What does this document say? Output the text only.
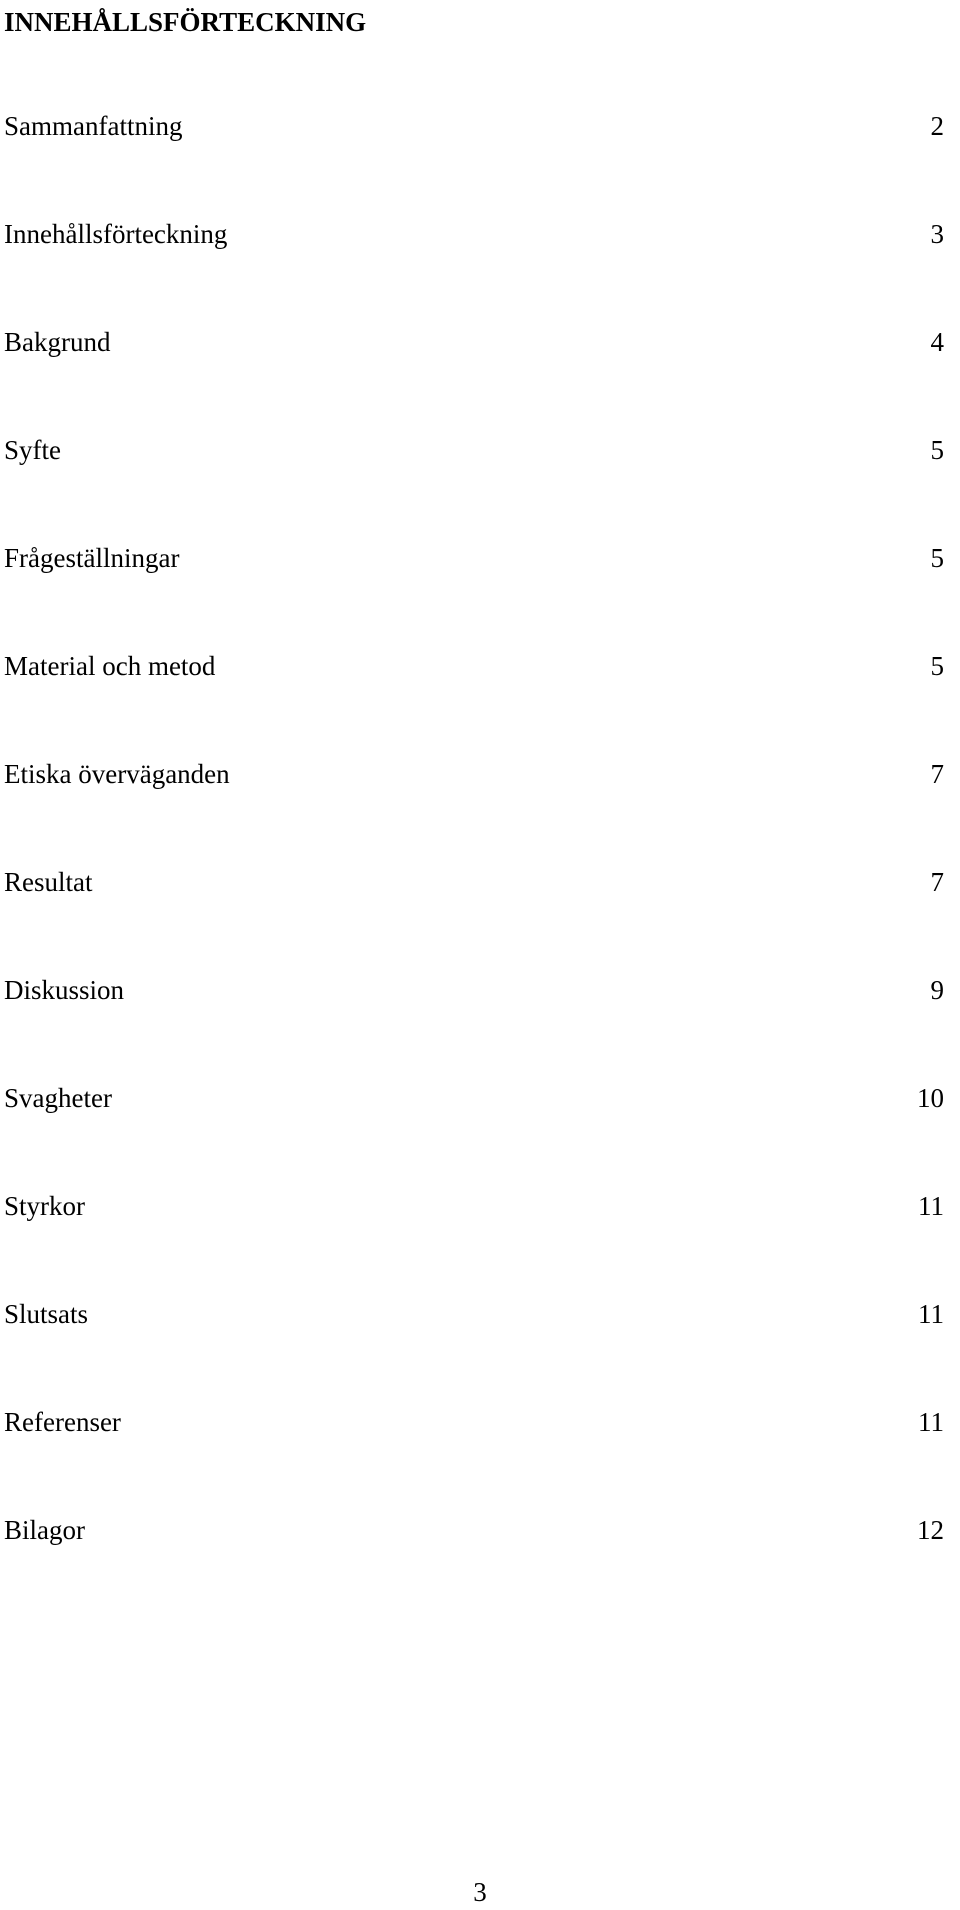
INNEHÅLLSFÖRTECKNING
Sammanfattning	2
Innehållsförteckning	3
Bakgrund	4
Syfte	5
Frågeställningar	5
Material och metod	5
Etiska överväganden	7
Resultat	7
Diskussion	9
Svagheter	10
Styrkor	11
Slutsats	11
Referenser	11
Bilagor	12

3
